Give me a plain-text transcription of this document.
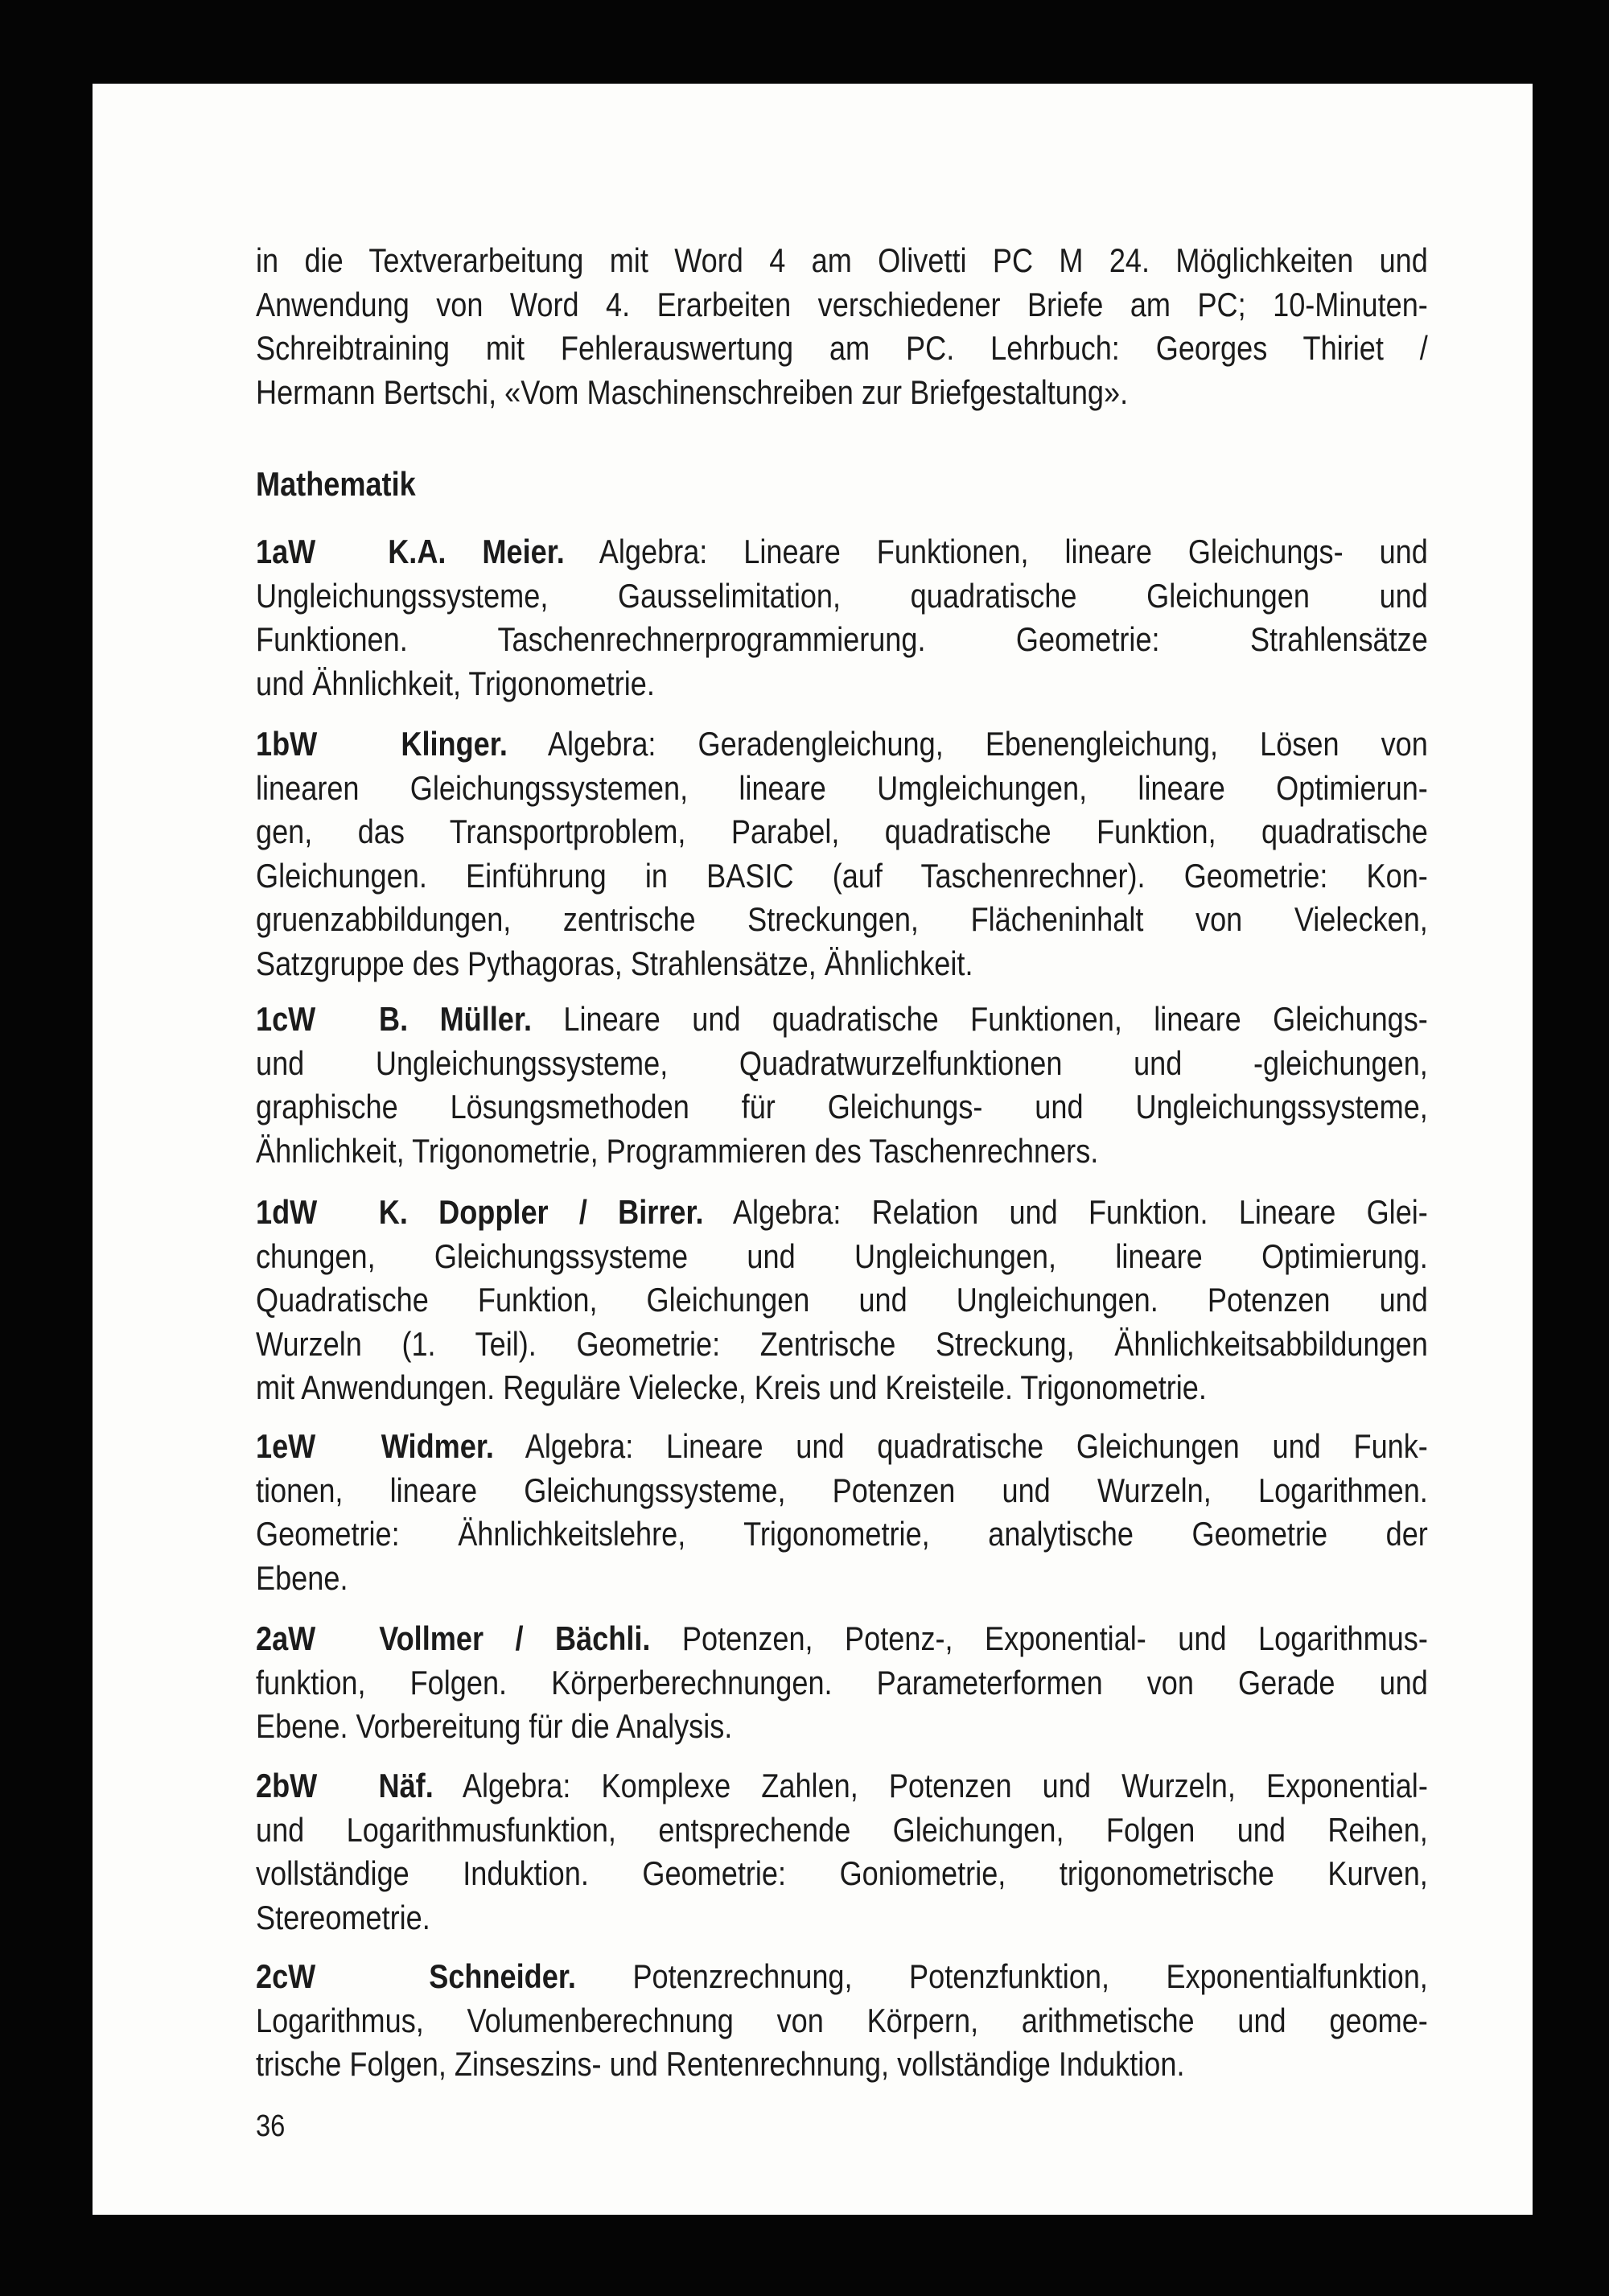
in die Textverarbeitung mit Word 4 am Olivetti PC M 24. Möglichkeiten und
Anwendung von Word 4. Erarbeiten verschiedener Briefe am PC; 10-Minuten-
Schreibtraining mit Fehlerauswertung am PC. Lehrbuch: Georges Thiriet /
Hermann Bertschi, «Vom Maschinenschreiben zur Briefgestaltung».
Mathematik
1aW  K.A. Meier. Algebra: Lineare Funktionen, lineare Gleichungs- und
Ungleichungssysteme, Gausselimitation, quadratische Gleichungen und
Funktionen. Taschenrechnerprogrammierung. Geometrie: Strahlensätze
und Ähnlichkeit, Trigonometrie.
1bW  Klinger. Algebra: Geradengleichung, Ebenengleichung, Lösen von
linearen Gleichungssystemen, lineare Umgleichungen, lineare Optimierun-
gen, das Transportproblem, Parabel, quadratische Funktion, quadratische
Gleichungen. Einführung in BASIC (auf Taschenrechner). Geometrie: Kon-
gruenzabbildungen, zentrische Streckungen, Flächeninhalt von Vielecken,
Satzgruppe des Pythagoras, Strahlensätze, Ähnlichkeit.
1cW  B. Müller. Lineare und quadratische Funktionen, lineare Gleichungs-
und Ungleichungssysteme, Quadratwurzelfunktionen und -gleichungen,
graphische Lösungsmethoden für Gleichungs- und Ungleichungssysteme,
Ähnlichkeit, Trigonometrie, Programmieren des Taschenrechners.
1dW  K. Doppler / Birrer. Algebra: Relation und Funktion. Lineare Glei-
chungen, Gleichungssysteme und Ungleichungen, lineare Optimierung.
Quadratische Funktion, Gleichungen und Ungleichungen. Potenzen und
Wurzeln (1. Teil). Geometrie: Zentrische Streckung, Ähnlichkeitsabbildungen
mit Anwendungen. Reguläre Vielecke, Kreis und Kreisteile. Trigonometrie.
1eW  Widmer. Algebra: Lineare und quadratische Gleichungen und Funk-
tionen, lineare Gleichungssysteme, Potenzen und Wurzeln, Logarithmen.
Geometrie: Ähnlichkeitslehre, Trigonometrie, analytische Geometrie der
Ebene.
2aW  Vollmer / Bächli. Potenzen, Potenz-, Exponential- und Logarithmus-
funktion, Folgen. Körperberechnungen. Parameterformen von Gerade und
Ebene. Vorbereitung für die Analysis.
2bW  Näf. Algebra: Komplexe Zahlen, Potenzen und Wurzeln, Exponential-
und Logarithmusfunktion, entsprechende Gleichungen, Folgen und Reihen,
vollständige Induktion. Geometrie: Goniometrie, trigonometrische Kurven,
Stereometrie.
2cW  Schneider. Potenzrechnung, Potenzfunktion, Exponentialfunktion,
Logarithmus, Volumenberechnung von Körpern, arithmetische und geome-
trische Folgen, Zinseszins- und Rentenrechnung, vollständige Induktion.
36
